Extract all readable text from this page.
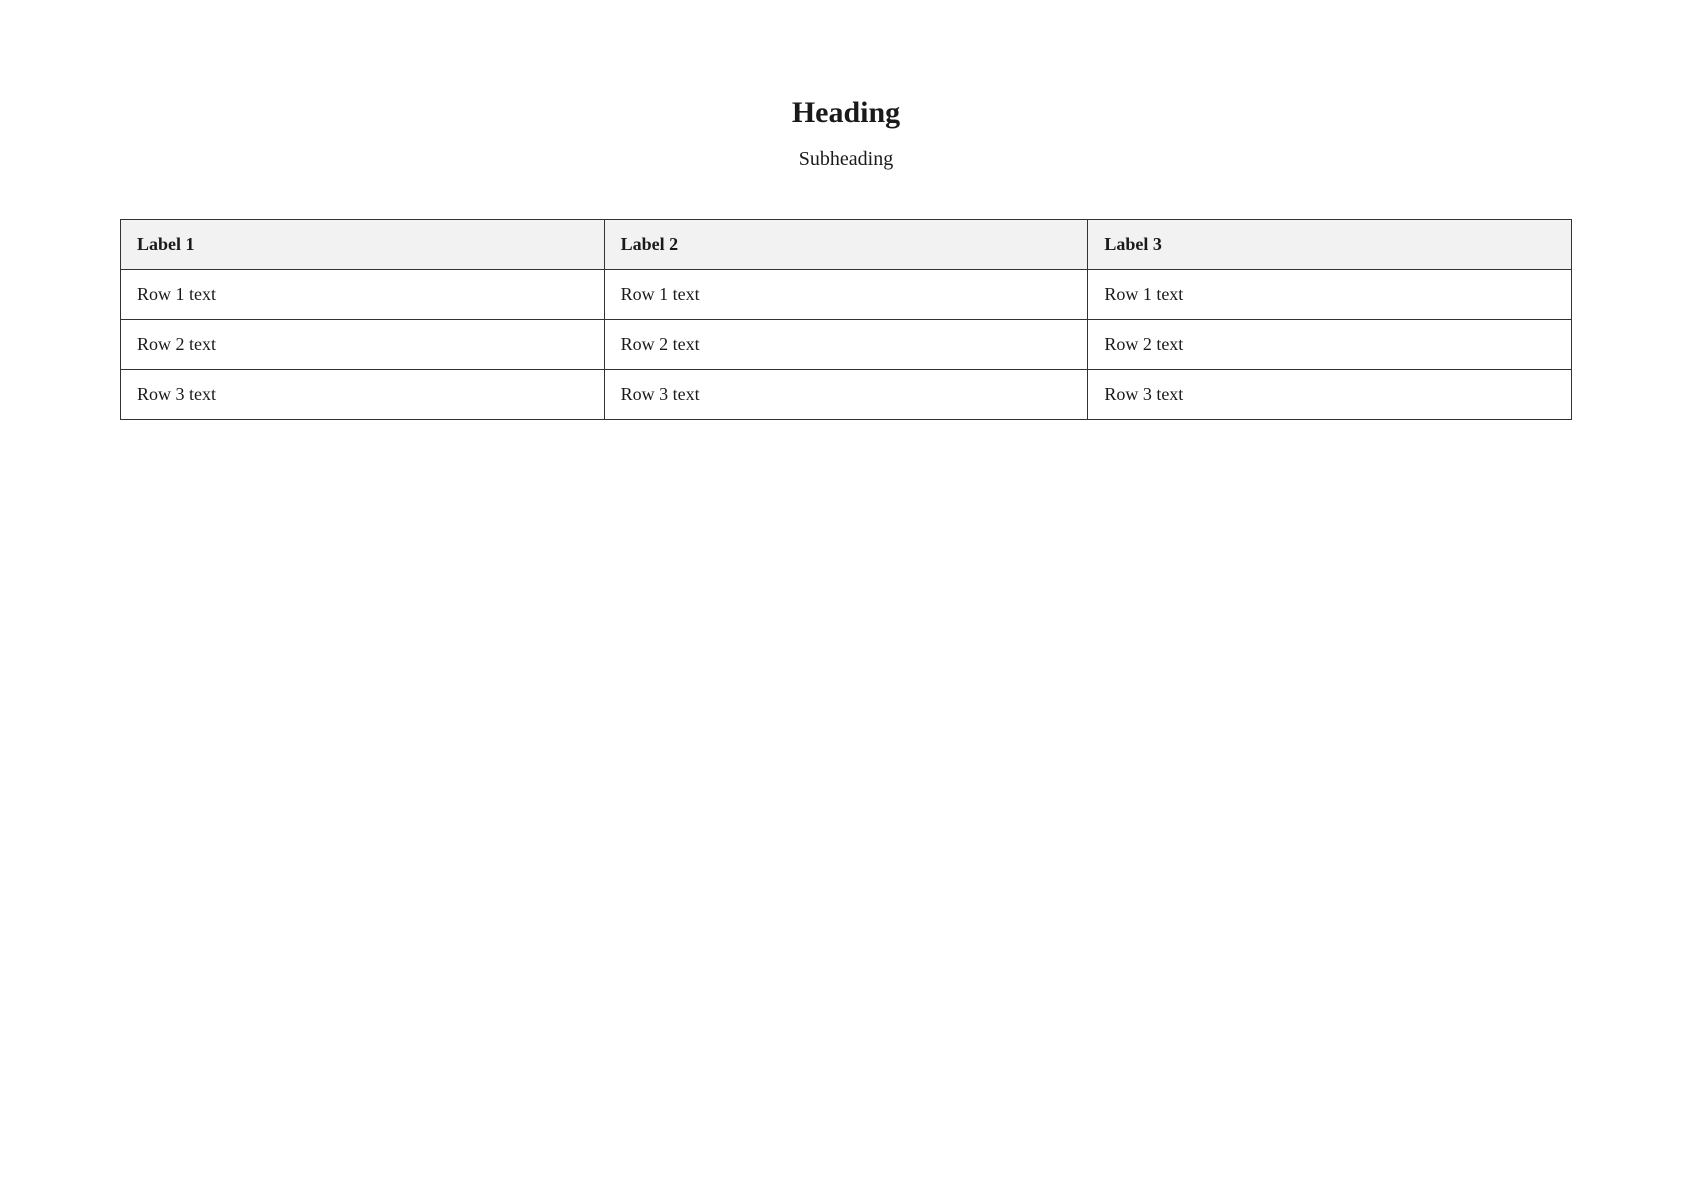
Heading
Subheading
Label 1	Label 2	Label 3
Row 1 text	Row 1 text	Row 1 text
Row 2 text	Row 2 text	Row 2 text
Row 3 text	Row 3 text	Row 3 text
